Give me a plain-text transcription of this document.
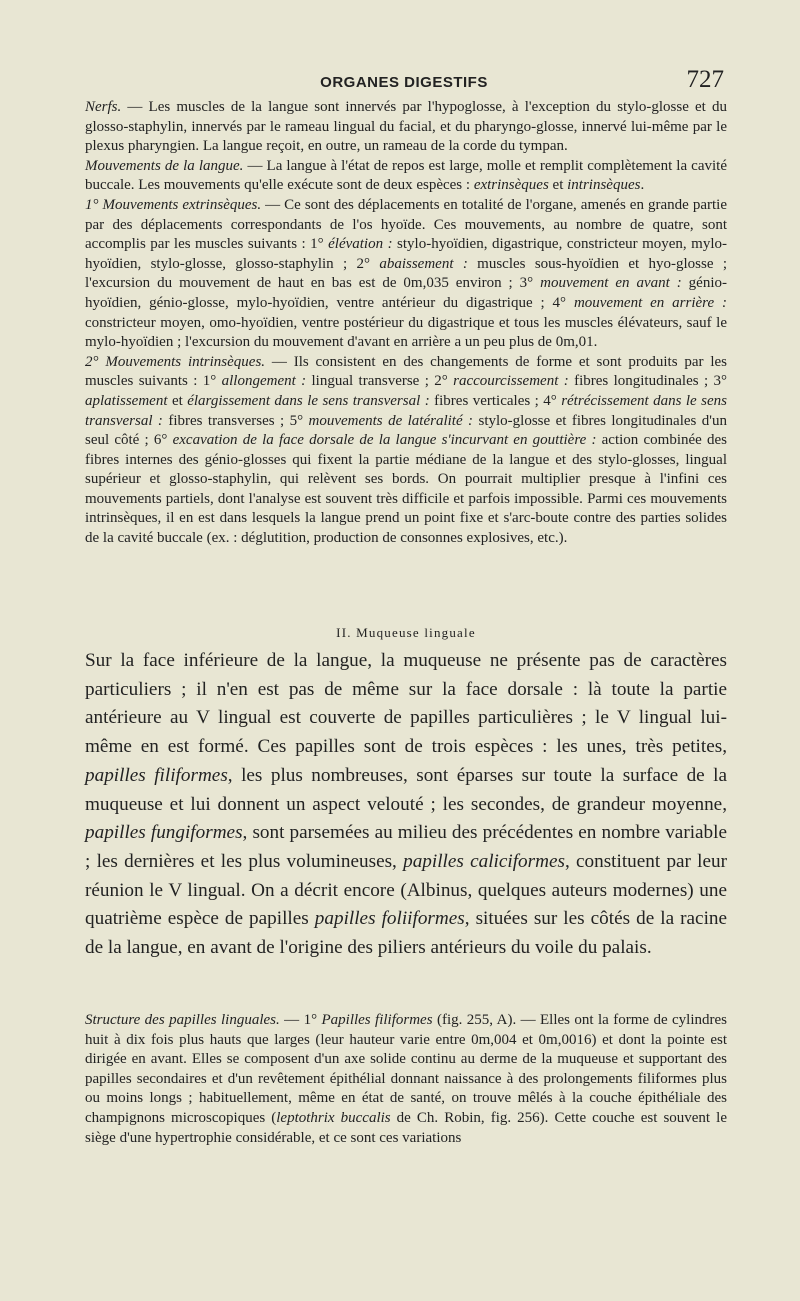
ORGANES DIGESTIFS	727

Nerfs. — Les muscles de la langue sont innervés par l'hypoglosse, à l'exception du stylo-glosse et du glosso-staphylin, innervés par le rameau lingual du facial, et du pharyngo-glosse, innervé lui-même par le plexus pharyngien. La langue reçoit, en outre, un rameau de la corde du tympan.

Mouvements de la langue. — La langue à l'état de repos est large, molle et remplit complètement la cavité buccale. Les mouvements qu'elle exécute sont de deux espèces : extrinsèques et intrinsèques.

1° Mouvements extrinsèques. — Ce sont des déplacements en totalité de l'organe, amenés en grande partie par des déplacements correspondants de l'os hyoïde. Ces mouvements, au nombre de quatre, sont accomplis par les muscles suivants : 1° élévation : stylo-hyoïdien, digastrique, constricteur moyen, mylo-hyoïdien, stylo-glosse, glosso-staphylin ; 2° abaissement : muscles sous-hyoïdien et hyo-glosse ; l'excursion du mouvement de haut en bas est de 0m,035 environ ; 3° mouvement en avant : génio-hyoïdien, génio-glosse, mylo-hyoïdien, ventre antérieur du digastrique ; 4° mouvement en arrière : constricteur moyen, omo-hyoïdien, ventre postérieur du digastrique et tous les muscles élévateurs, sauf le mylo-hyoïdien ; l'excursion du mouvement d'avant en arrière a un peu plus de 0m,01.

2° Mouvements intrinsèques. — Ils consistent en des changements de forme et sont produits par les muscles suivants : 1° allongement : lingual transverse ; 2° raccourcissement : fibres longitudinales ; 3° aplatissement et élargissement dans le sens transversal : fibres verticales ; 4° rétrécissement dans le sens transversal : fibres transverses ; 5° mouvements de latéralité : stylo-glosse et fibres longitudinales d'un seul côté ; 6° excavation de la face dorsale de la langue s'incurvant en gouttière : action combinée des fibres internes des génio-glosses qui fixent la partie médiane de la langue et des stylo-glosses, lingual supérieur et glosso-staphylin, qui relèvent ses bords. On pourrait multiplier presque à l'infini ces mouvements partiels, dont l'analyse est souvent très difficile et parfois impossible. Parmi ces mouvements intrinsèques, il en est dans lesquels la langue prend un point fixe et s'arc-boute contre des parties solides de la cavité buccale (ex. : déglutition, production de consonnes explosives, etc.).

II. Muqueuse linguale

Sur la face inférieure de la langue, la muqueuse ne présente pas de caractères particuliers ; il n'en est pas de même sur la face dorsale : là toute la partie antérieure au V lingual est couverte de papilles particulières ; le V lingual lui-même en est formé. Ces papilles sont de trois espèces : les unes, très petites, papilles filiformes, les plus nombreuses, sont éparses sur toute la surface de la muqueuse et lui donnent un aspect velouté ; les secondes, de grandeur moyenne, papilles fungiformes, sont parsemées au milieu des précédentes en nombre variable ; les dernières et les plus volumineuses, papilles caliciformes, constituent par leur réunion le V lingual. On a décrit encore (Albinus, quelques auteurs modernes) une quatrième espèce de papilles papilles foliiformes, situées sur les côtés de la racine de la langue, en avant de l'origine des piliers antérieurs du voile du palais.

Structure des papilles linguales. — 1° Papilles filiformes (fig. 255, A). — Elles ont la forme de cylindres huit à dix fois plus hauts que larges (leur hauteur varie entre 0m,004 et 0m,0016) et dont la pointe est dirigée en avant. Elles se composent d'un axe solide continu au derme de la muqueuse et supportant des papilles secondaires et d'un revêtement épithélial donnant naissance à des prolongements filiformes plus ou moins longs ; habituellement, même en état de santé, on trouve mêlés à la couche épithéliale des champignons microscopiques (leptothrix buccalis de Ch. Robin, fig. 256). Cette couche est souvent le siège d'une hypertrophie considérable, et ce sont ces variations
